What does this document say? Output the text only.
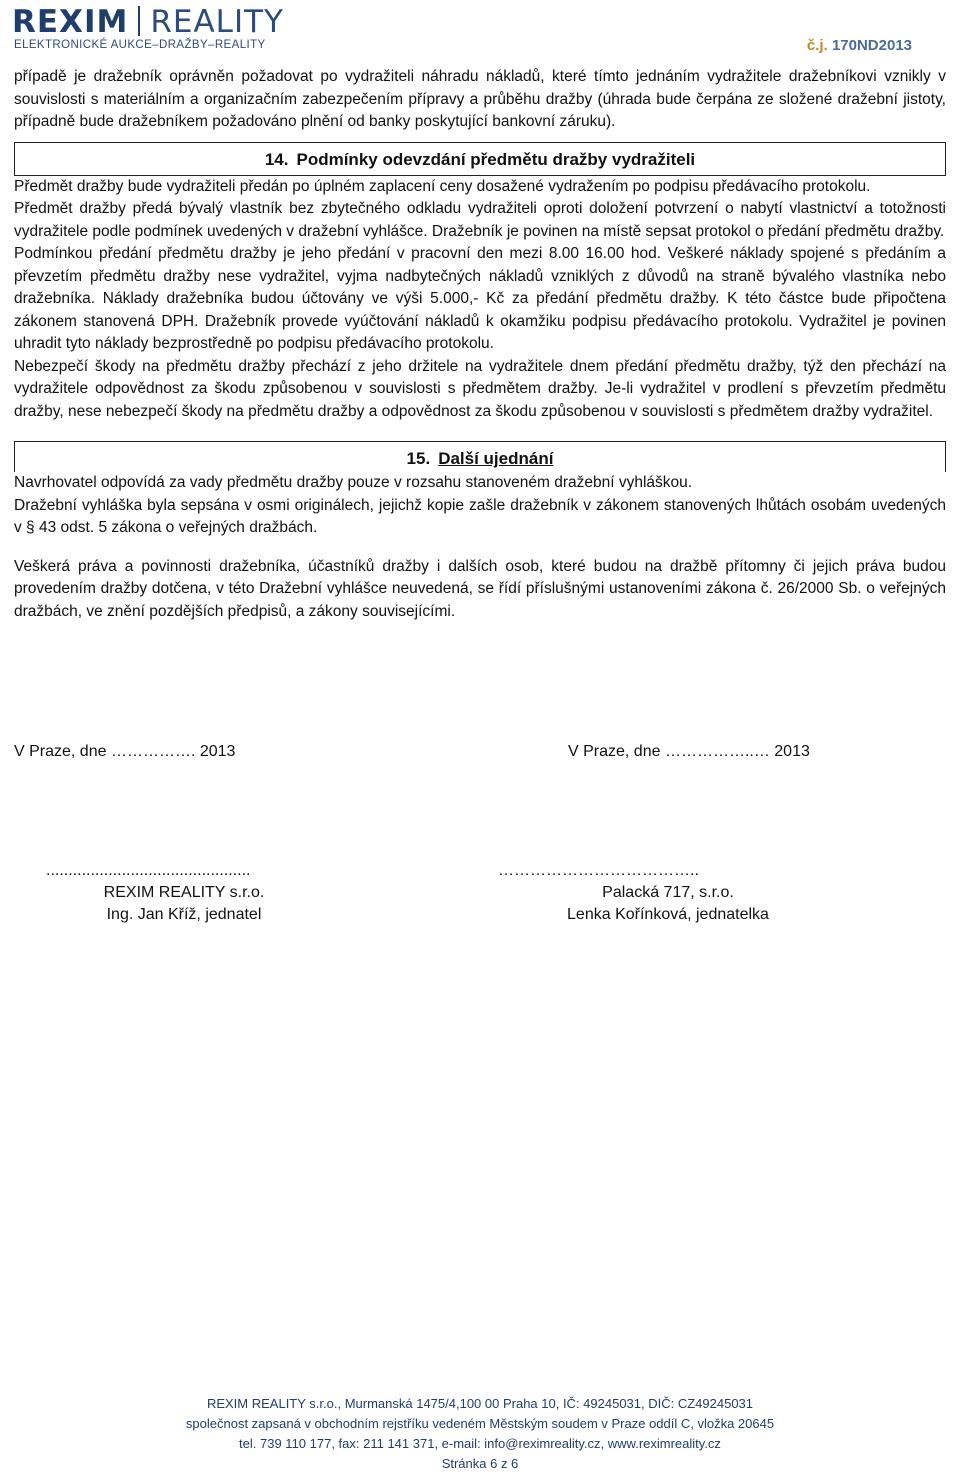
REXIM REALITY
ELEKTRONICKÉ AUKCE–DRAŽBY–REALITY	č.j. 170ND2013

případě je dražebník oprávněn požadovat po vydražiteli náhradu nákladů, které tímto jednáním vydražitele dražebníkovi vznikly v souvislosti s materiálním a organizačním zabezpečením přípravy a průběhu dražby (úhrada bude čerpána ze složené dražební jistoty, případně bude dražebníkem požadováno plnění od banky poskytující bankovní záruku).

14. Podmínky odevzdání předmětu dražby vydražiteli

Předmět dražby bude vydražiteli předán po úplném zaplacení ceny dosažené vydražením po podpisu předávacího protokolu.

Předmět dražby předá bývalý vlastník bez zbytečného odkladu vydražiteli oproti doložení potvrzení o nabytí vlastnictví a totožnosti vydražitele podle podmínek uvedených v dražební vyhlášce. Dražebník je povinen na místě sepsat protokol o předání předmětu dražby.

Podmínkou předání předmětu dražby je jeho předání v pracovní den mezi 8.00 16.00 hod. Veškeré náklady spojené s předáním a převzetím předmětu dražby nese vydražitel, vyjma nadbytečných nákladů vzniklých z důvodů na straně bývalého vlastníka nebo dražebníka. Náklady dražebníka budou účtovány ve výši 5.000,- Kč za předání předmětu dražby. K této částce bude připočtena zákonem stanovená DPH. Dražebník provede vyúčtování nákladů k okamžiku podpisu předávacího protokolu. Vydražitel je povinen uhradit tyto náklady bezprostředně po podpisu předávacího protokolu.

Nebezpečí škody na předmětu dražby přechází z jeho držitele na vydražitele dnem předání předmětu dražby, týž den přechází na vydražitele odpovědnost za škodu způsobenou v souvislosti s předmětem dražby. Je-li vydražitel v prodlení s převzetím předmětu dražby, nese nebezpečí škody na předmětu dražby a odpovědnost za škodu způsobenou v souvislosti s předmětem dražby vydražitel.

15. Další ujednání

Navrhovatel odpovídá za vady předmětu dražby pouze v rozsahu stanoveném dražební vyhláškou.

Dražební vyhláška byla sepsána v osmi originálech, jejichž kopie zašle dražebník v zákonem stanovených lhůtách osobám uvedených v § 43 odst. 5 zákona o veřejných dražbách.

Veškerá práva a povinnosti dražebníka, účastníků dražby i dalších osob, které budou na dražbě přítomny či jejich práva budou provedením dražby dotčena, v této Dražební vyhlášce neuvedená, se řídí příslušnými ustanoveními zákona č. 26/2000 Sb. o veřejných dražbách, ve znění pozdějších předpisů, a zákony souvisejícími.

V Praze, dne ……………. 2013	V Praze, dne ……………..… 2013
..............................................
REXIM REALITY s.r.o.
Ing. Jan Kříž, jednatel
………………………………..
Palacká 717, s.r.o.
Lenka Kořínková, jednatelka
REXIM REALITY s.r.o., Murmanská 1475/4,100 00 Praha 10, IČ: 49245031, DIČ: CZ49245031
společnost zapsaná v obchodním rejstříku vedeném Městským soudem v Praze oddíl C, vložka 20645
tel. 739 110 177, fax: 211 141 371, e-mail: info@reximreality.cz, www.reximreality.cz
Stránka 6 z 6
